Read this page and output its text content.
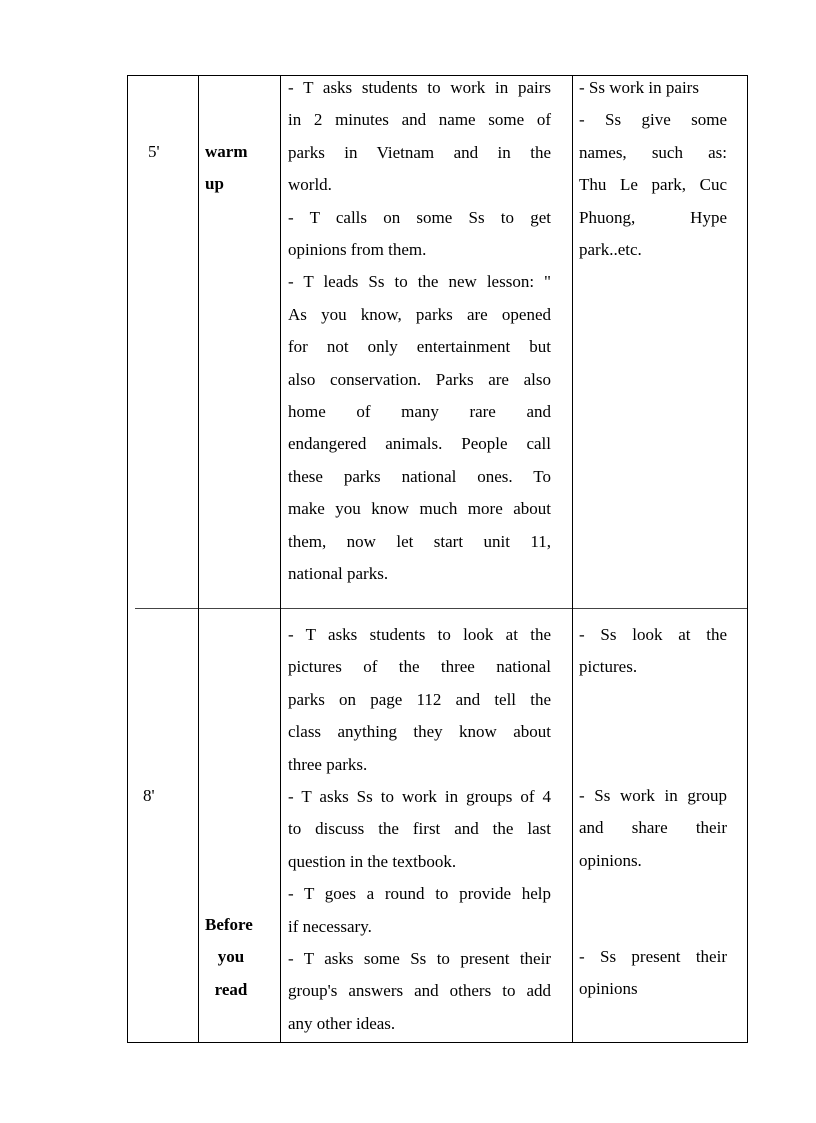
5'	warm
up
- T asks students to work in pairs
in 2 minutes and name some of
parks in Vietnam and in the
world.
- T calls on some Ss to get
opinions from them.
- T leads Ss to the new lesson: "
As you know, parks are opened
for not only entertainment but
also conservation. Parks are also
home of many rare and
endangered animals. People call
these parks national ones. To
make you know much more about
them, now let start unit 11,
national parks.
- Ss work in pairs
- Ss give some
names, such as:
Thu Le park, Cuc
Phuong, Hype
park..etc.
8'
Before
you
read
- T asks students to look at the
pictures of the three national
parks on page 112 and tell the
class anything they know about
three parks.
- T asks Ss to work in groups of 4
to discuss the first and the last
question in the textbook.
- T goes a round to provide help
if necessary.
- T asks some Ss to present their
group's answers and others to add
any other ideas.
- Ss look at the
pictures.
- Ss work in group
and share their
opinions.
- Ss present their
opinions
